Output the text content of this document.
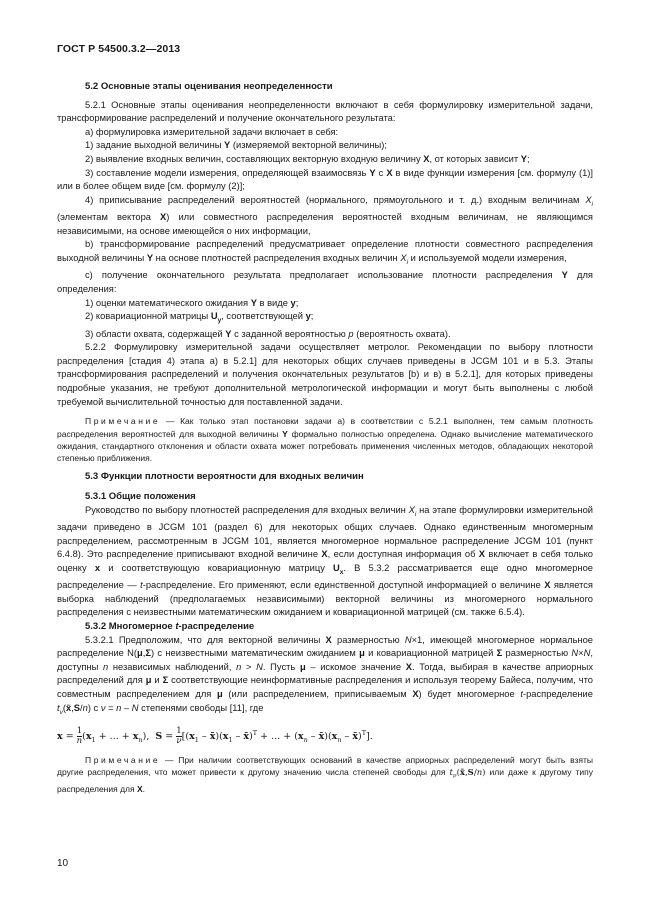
ГОСТ Р 54500.3.2—2013
5.2 Основные этапы оценивания неопределенности

5.2.1 Основные этапы оценивания неопределенности включают в себя формулировку измерительной задачи, трансформирование распределений и получение окончательного результата:

а) формулировка измерительной задачи включает в себя:

1) задание выходной величины Y (измеряемой векторной величины);

2) выявление входных величин, составляющих векторную входную величину X, от которых зависит Y;

3) составление модели измерения, определяющей взаимосвязь Y с X в виде функции измерения [см. формулу (1)] или в более общем виде [см. формулу (2)];

4) приписывание распределений вероятностей (нормального, прямоугольного и т. д.) входным величинам $X_i$ (элементам вектора X) или совместного распределения вероятностей входным величинам, не являющимся независимыми, на основе имеющейся о них информации,

b) трансформирование распределений предусматривает определение плотности совместного распределения выходной величины Y на основе плотностей распределения входных величин $X_i$ и используемой модели измерения,

с) получение окончательного результата предполагает использование плотности распределения Y для определения:

1) оценки математического ожидания Y в виде y;

2) ковариационной матрицы $U_y$, соответствующей y;

3) области охвата, содержащей Y с заданной вероятностью p (вероятность охвата).

5.2.2 Формулировку измерительной задачи осуществляет метролог. Рекомендации по выбору плотности распределения [стадия 4) этапа а) в 5.2.1] для некоторых общих случаев приведены в JCGM 101 и в 5.3. Этапы трансформирования распределений и получения окончательных результатов [b) и в) в 5.2.1], для которых приведены подробные указания, не требуют дополнительной метрологической информации и могут быть выполнены с любой требуемой вычислительной точностью для поставленной задачи.

Примечание — Как только этап постановки задачи а) в соответствии с 5.2.1 выполнен, тем самым плотность распределения вероятностей для выходной величины Y формально полностью определена. Однако вычисление математического ожидания, стандартного отклонения и области охвата может потребовать применения численных методов, обладающих некоторой степенью приближения.

5.3 Функции плотности вероятности для входных величин
5.3.1 Общие положения

Руководство по выбору плотностей распределения для входных величин $X_i$ на этапе формулировки измерительной задачи приведено в JCGM 101 (раздел 6) для некоторых общих случаев. Однако единственным многомерным распределением, рассмотренным в JCGM 101, является многомерное нормальное распределение JCGM 101 (пункт 6.4.8). Это распределение приписывают входной величине X, если доступная информация об X включает в себя только оценку x и соответствующую ковариационную матрицу $U_x$. В 5.3.2 рассматривается еще одно многомерное распределение — t-распределение. Его применяют, если единственной доступной информацией о величине X является выборка наблюдений (предполагаемых независимыми) векторной величины из многомерного нормального распределения с неизвестными математическим ожиданием и ковариационной матрицей (см. также 6.5.4).

5.3.2 Многомерное t-распределение

5.3.2.1 Предположим, что для векторной величины X размерностью N×1, имеющей многомерное нормальное распределение N(μ,Σ) с неизвестными математическим ожиданием μ и ковариационной матрицей Σ размерностью N×N, доступны n независимых наблюдений, n > N. Пусть μ – искомое значение X. Тогда, выбирая в качестве априорных распределений для μ и Σ соответствующие неинформативные распределения и используя теорему Байеса, получим, что совместным распределением для μ (или распределением, приписываемым X) будет многомерное t-распределение $t_\nu(x̄,S/n)$ с ν = n – N степенями свободы [11], где

$x = \frac{1}{n} (x_1$ + ... + $x_n$),  $S = \frac{1}{\nu} [(x_1$ – $x̄)(x_1$ – x̄)$^T$ + ... + ($x_n$ – $x̄)(x_n$ – x̄)$^T$].

Примечание — При наличии соответствующих оснований в качестве априорных распределений могут быть взяты другие распределения, что может привести к другому значению числа степеней свободы для $t_\nu(x̄,S/n)$ или даже к другому типу распределения для X.

10
